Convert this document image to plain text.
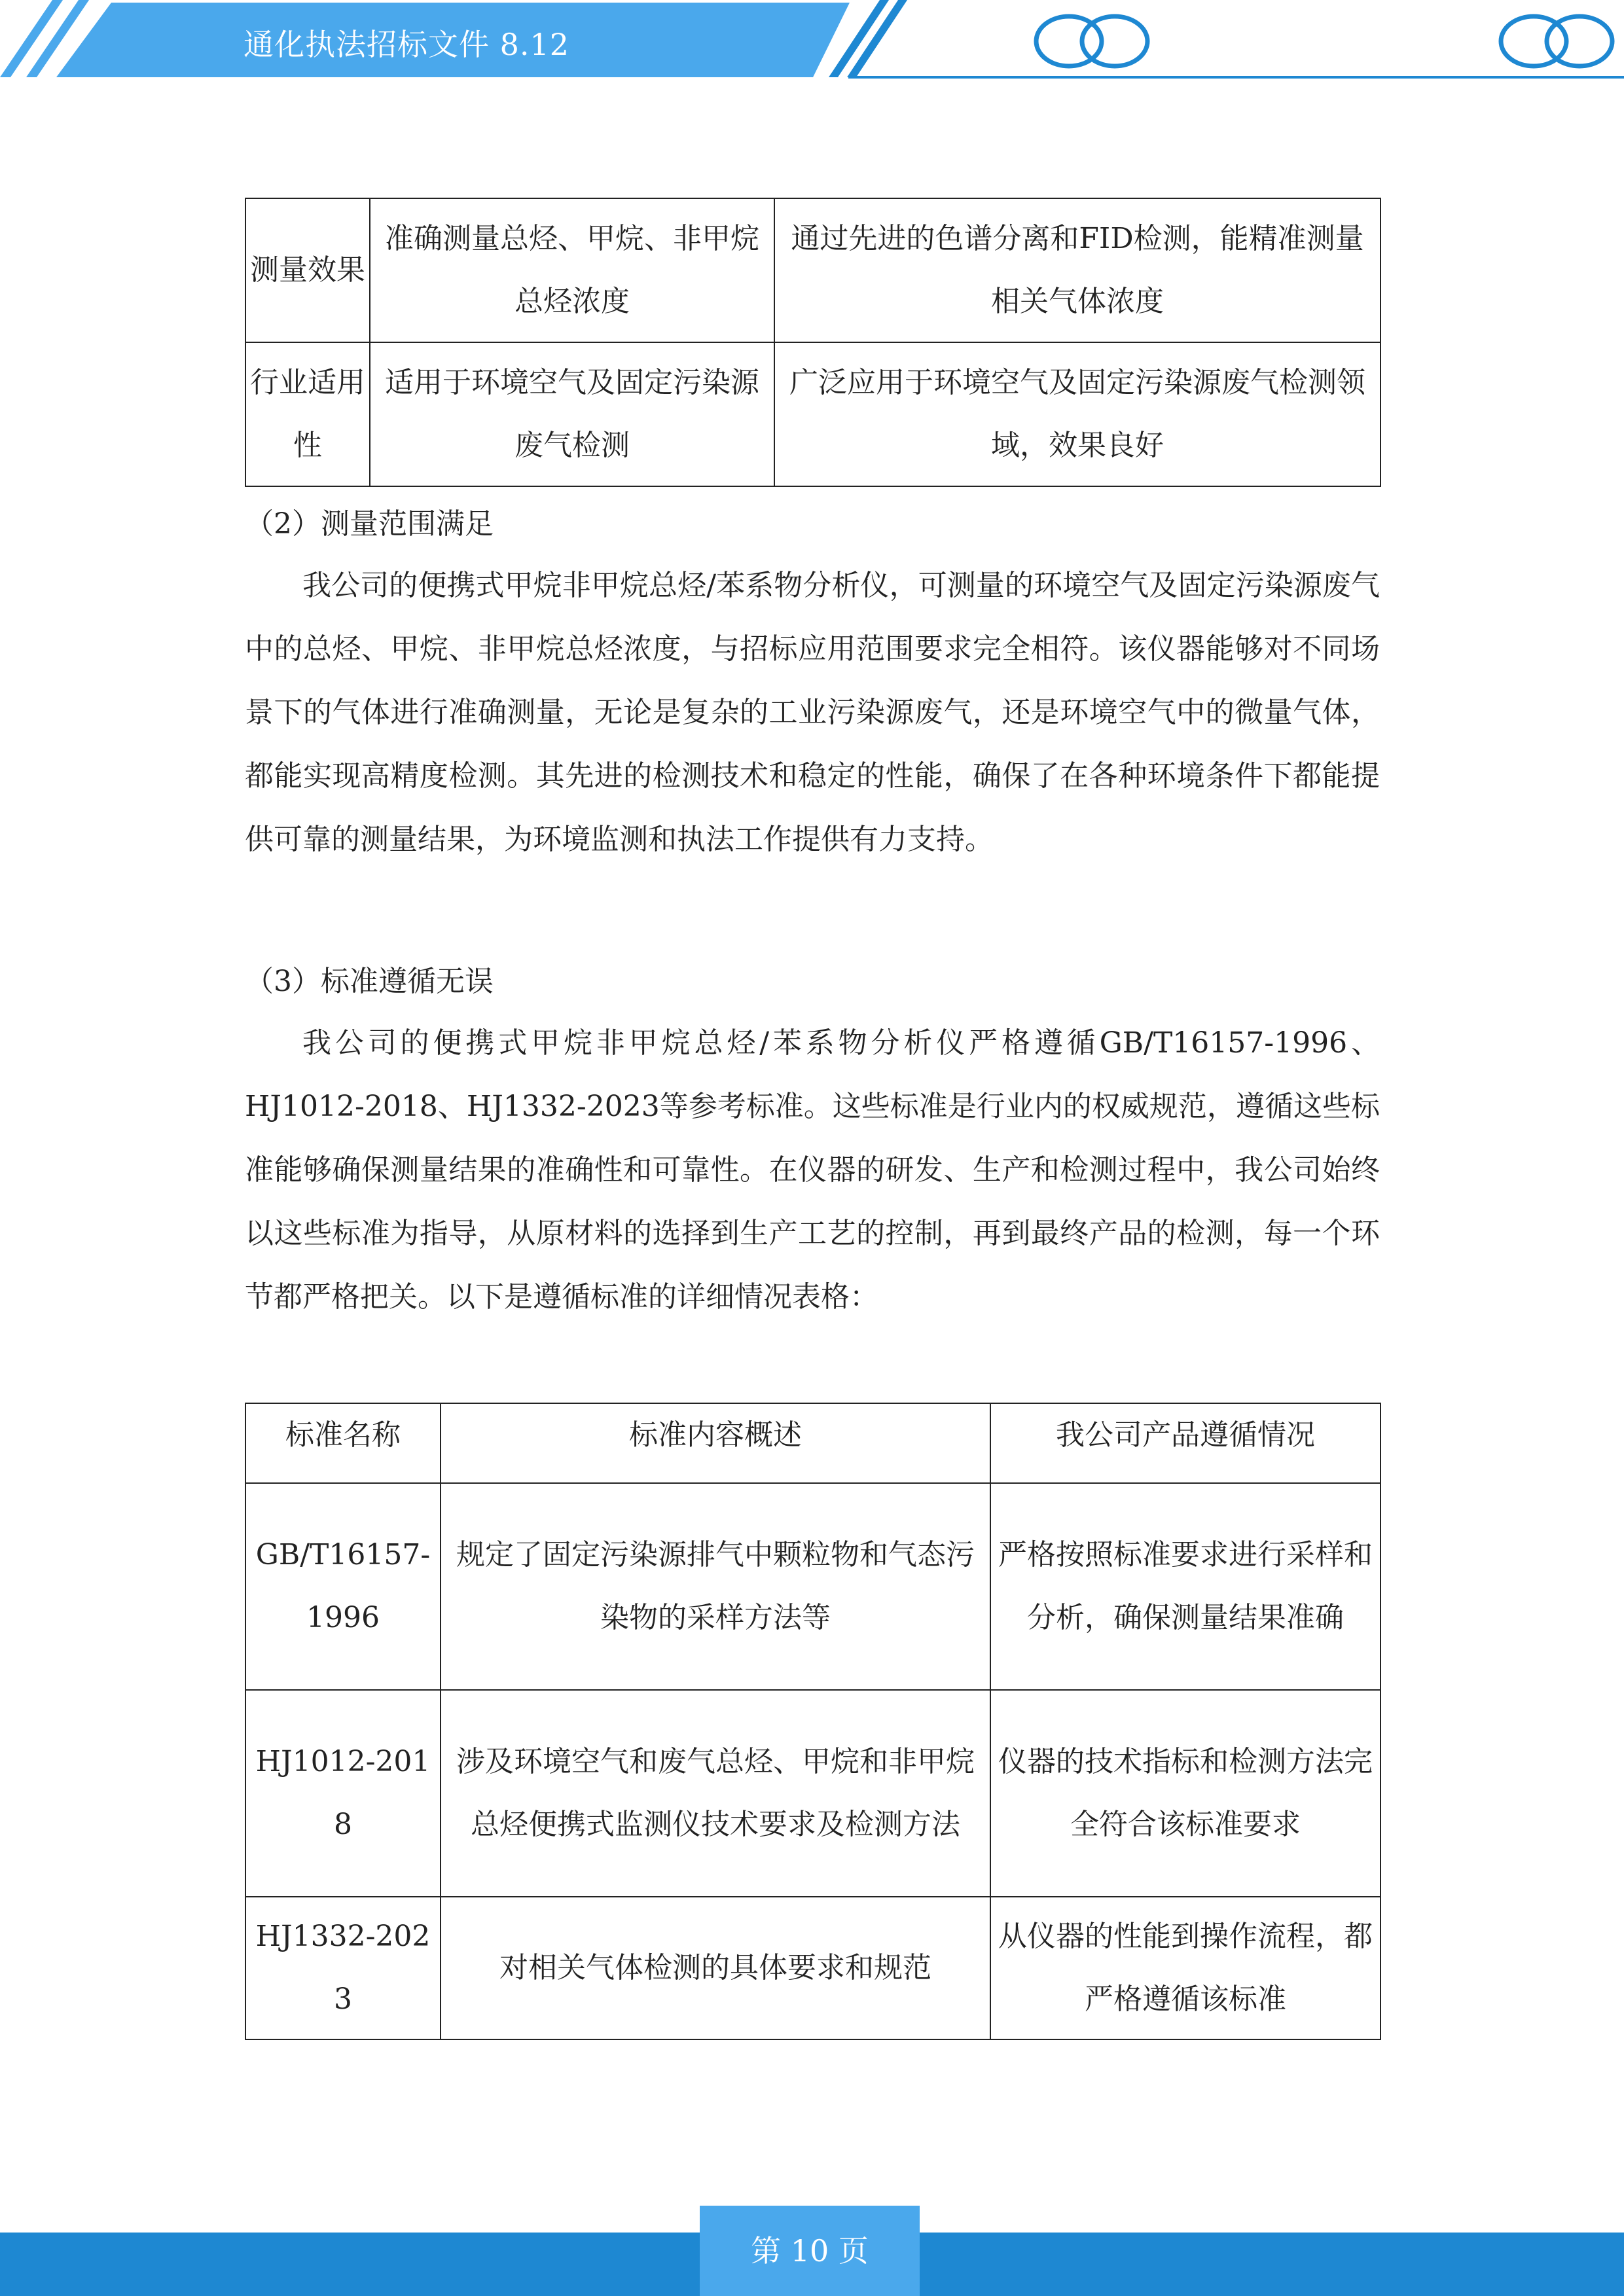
通化执法招标文件 8.12
测量效果	准确测量总烃、甲烷、非甲烷总烃浓度	通过先进的色谱分离和FID检测，能精准测量相关气体浓度
行业适用性	适用于环境空气及固定污染源废气检测	广泛应用于环境空气及固定污染源废气检测领域，效果良好
（2）测量范围满足

我公司的便携式甲烷非甲烷总烃/苯系物分析仪，可测量的环境空气及固定污染源废气中的总烃、甲烷、非甲烷总烃浓度，与招标应用范围要求完全相符。该仪器能够对不同场景下的气体进行准确测量，无论是复杂的工业污染源废气，还是环境空气中的微量气体，都能实现高精度检测。其先进的检测技术和稳定的性能，确保了在各种环境条件下都能提供可靠的测量结果，为环境监测和执法工作提供有力支持。

（3）标准遵循无误

我公司的便携式甲烷非甲烷总烃/苯系物分析仪严格遵循GB/T16157-1996、HJ1012-2018、HJ1332-2023等参考标准。这些标准是行业内的权威规范，遵循这些标准能够确保测量结果的准确性和可靠性。在仪器的研发、生产和检测过程中，我公司始终以这些标准为指导，从原材料的选择到生产工艺的控制，再到最终产品的检测，每一个环节都严格把关。以下是遵循标准的详细情况表格：

标准名称	标准内容概述	我公司产品遵循情况
GB/T16157-1996	规定了固定污染源排气中颗粒物和气态污染物的采样方法等	严格按照标准要求进行采样和分析，确保测量结果准确
HJ1012-2018	涉及环境空气和废气总烃、甲烷和非甲烷总烃便携式监测仪技术要求及检测方法	仪器的技术指标和检测方法完全符合该标准要求
HJ1332-2023	对相关气体检测的具体要求和规范	从仪器的性能到操作流程，都严格遵循该标准
第 10 页
